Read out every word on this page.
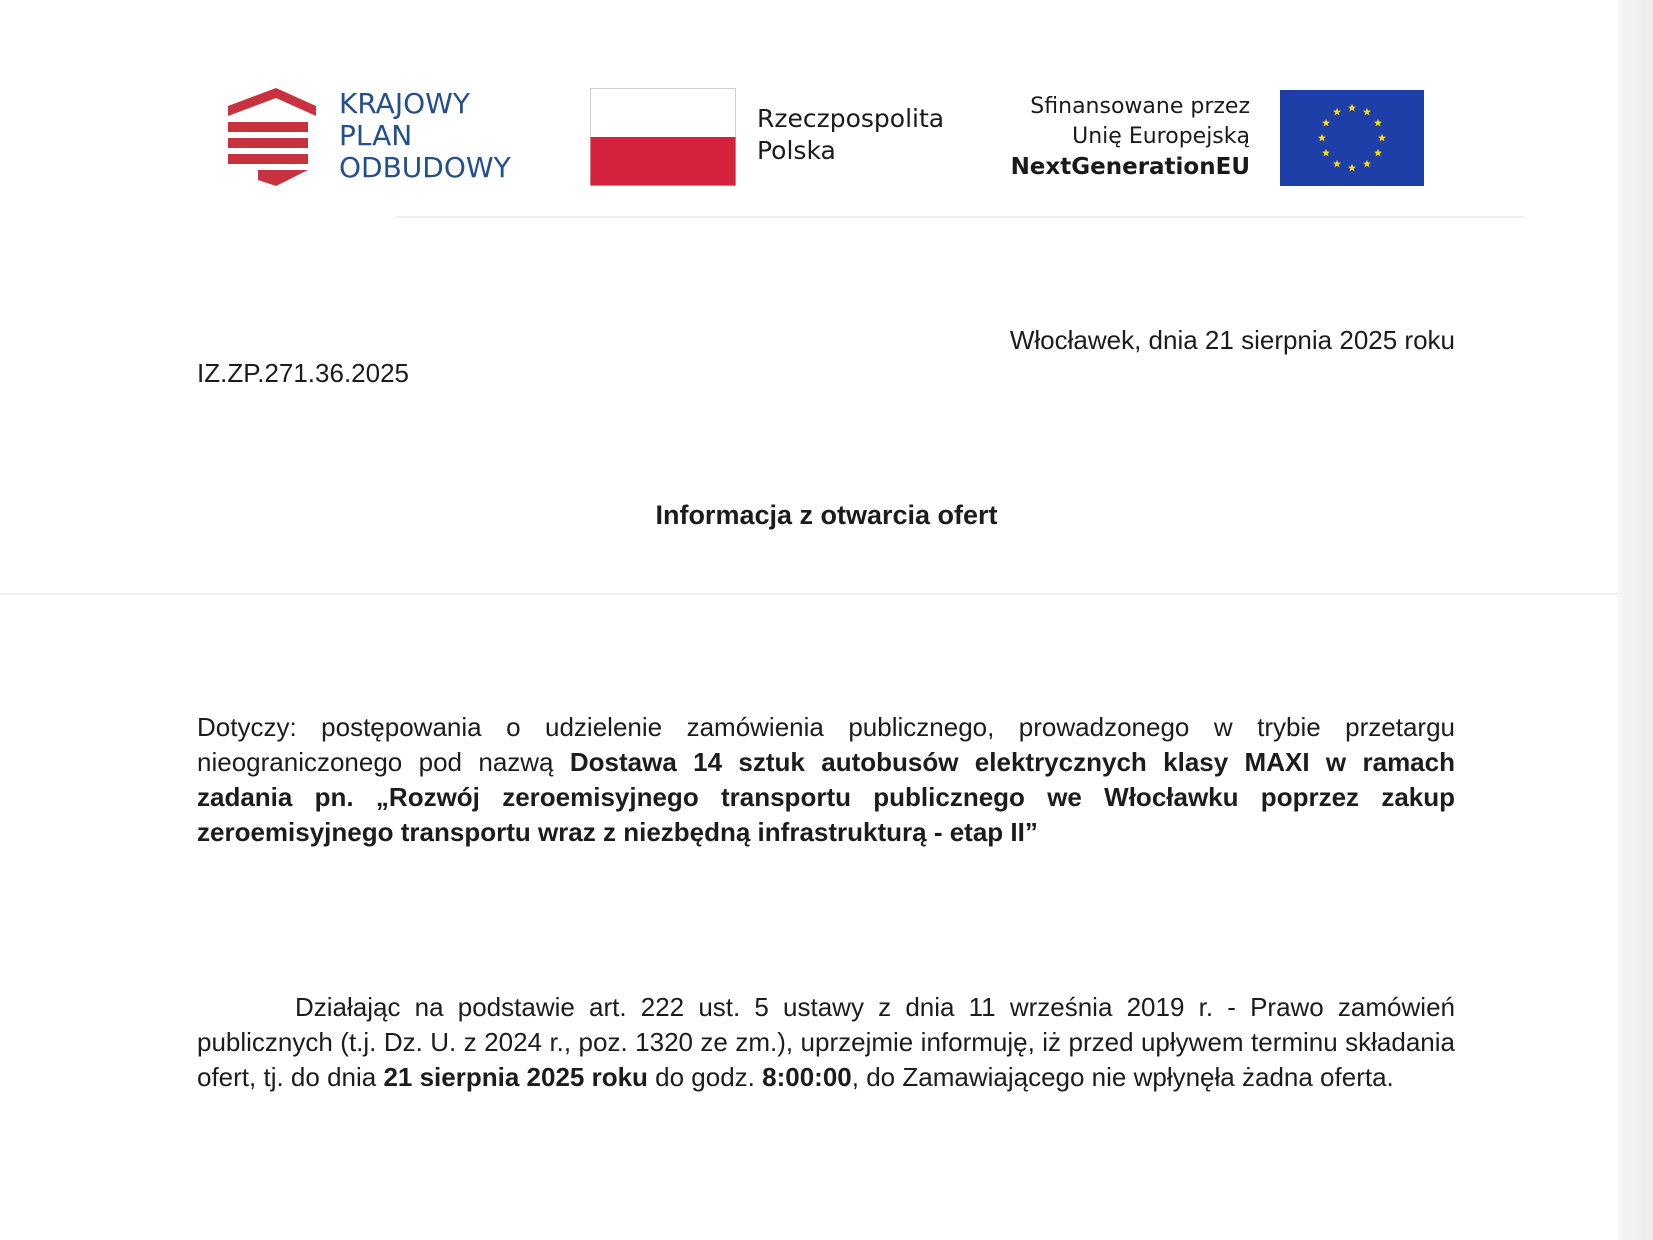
KRAJOWY
PLAN
ODBUDOWY
Rzeczpospolita
Polska
Sfinansowane przez
Unię Europejską
NextGenerationEU
IZ.ZP.271.36.2025
Włocławek, dnia 21 sierpnia 2025 roku
Informacja z otwarcia ofert
Dotyczy: postępowania o udzielenie zamówienia publicznego, prowadzonego w trybie przetargu nieograniczonego pod nazwą Dostawa 14 sztuk autobusów elektrycznych klasy MAXI w ramach zadania pn. „Rozwój zeroemisyjnego transportu publicznego we Włocławku poprzez zakup zeroemisyjnego transportu wraz z niezbędną infrastrukturą - etap II”
Działając na podstawie art. 222 ust. 5 ustawy z dnia 11 września 2019 r. - Prawo zamówień publicznych (t.j. Dz. U. z 2024 r., poz. 1320 ze zm.), uprzejmie informuję, iż przed upływem terminu składania ofert, tj. do dnia 21 sierpnia 2025 roku do godz. 8:00:00, do Zamawiającego nie wpłynęła żadna oferta.
